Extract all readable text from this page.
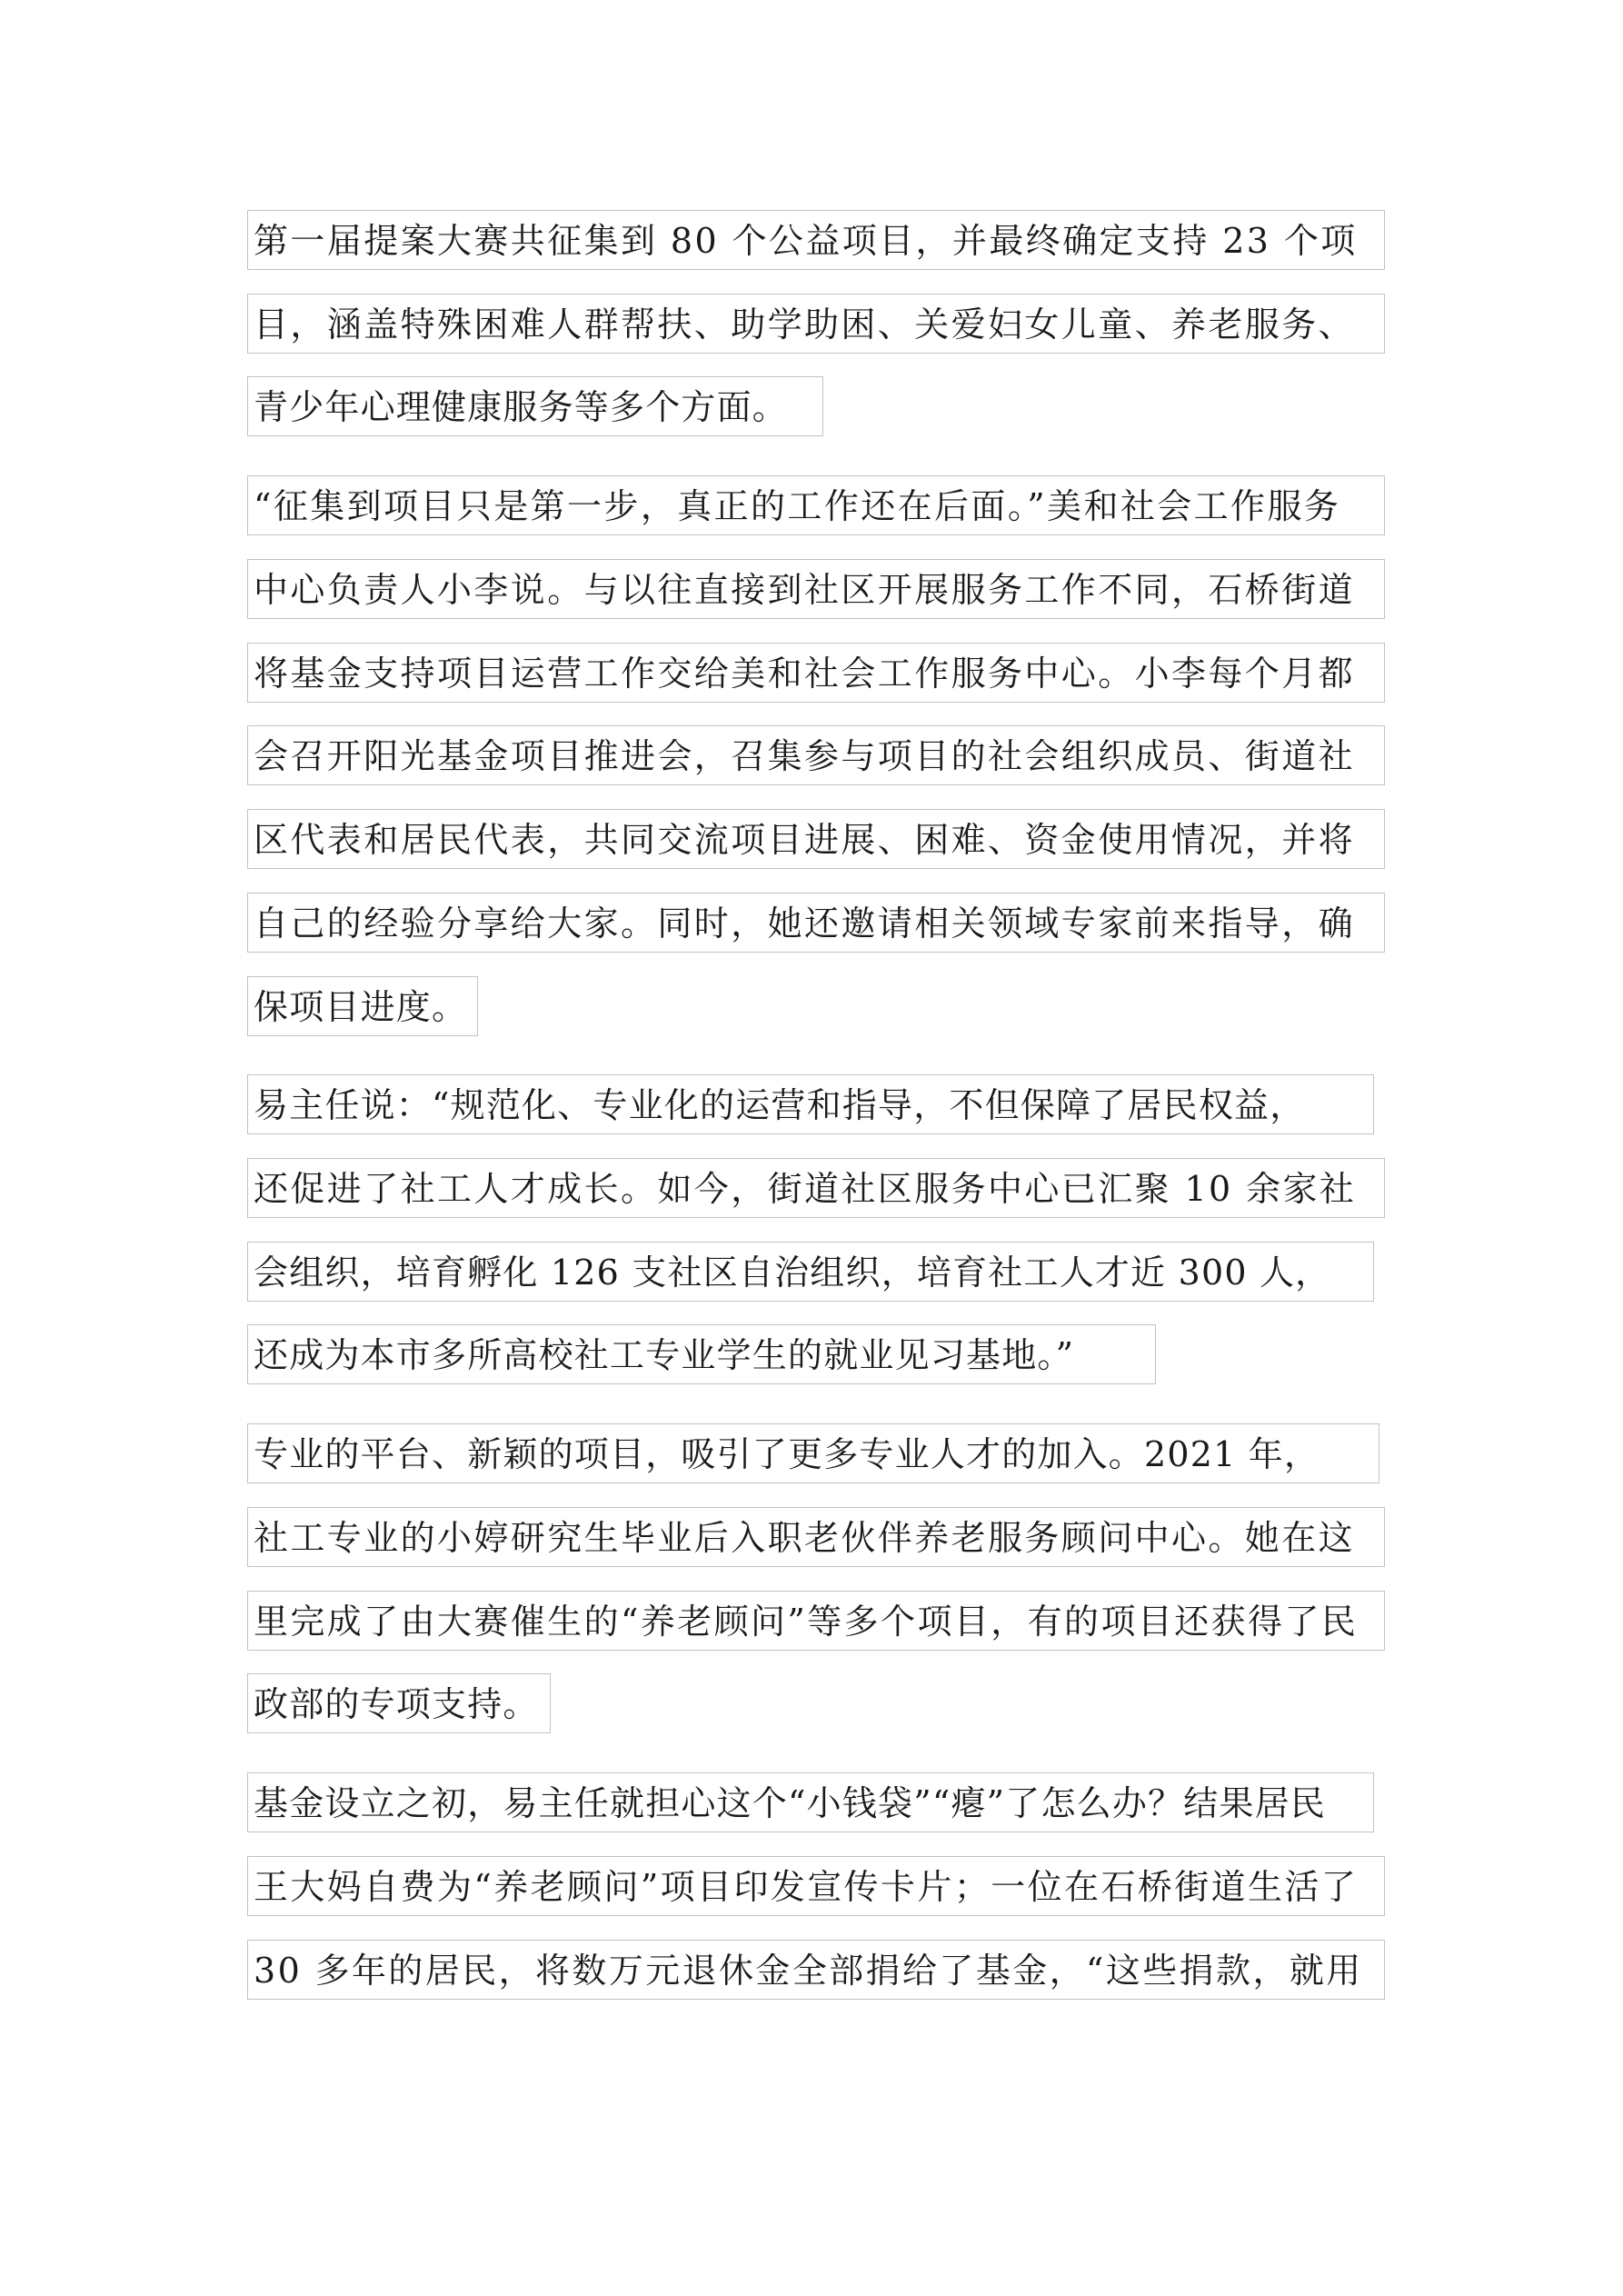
第一届提案大赛共征集到 80 个公益项目，并最终确定支持 23 个项
目，涵盖特殊困难人群帮扶、助学助困、关爱妇女儿童、养老服务、
青少年心理健康服务等多个方面。
“征集到项目只是第一步，真正的工作还在后面。”美和社会工作服务
中心负责人小李说。与以往直接到社区开展服务工作不同，石桥街道
将基金支持项目运营工作交给美和社会工作服务中心。小李每个月都
会召开阳光基金项目推进会，召集参与项目的社会组织成员、街道社
区代表和居民代表，共同交流项目进展、困难、资金使用情况，并将
自己的经验分享给大家。同时，她还邀请相关领域专家前来指导，确
保项目进度。
易主任说：“规范化、专业化的运营和指导，不但保障了居民权益，
还促进了社工人才成长。如今，街道社区服务中心已汇聚 10 余家社
会组织，培育孵化 126 支社区自治组织，培育社工人才近 300 人，
还成为本市多所高校社工专业学生的就业见习基地。”
专业的平台、新颖的项目，吸引了更多专业人才的加入。2021 年，
社工专业的小婷研究生毕业后入职老伙伴养老服务顾问中心。她在这
里完成了由大赛催生的“养老顾问”等多个项目，有的项目还获得了民
政部的专项支持。
基金设立之初，易主任就担心这个“小钱袋”“瘪”了怎么办？结果居民
王大妈自费为“养老顾问”项目印发宣传卡片；一位在石桥街道生活了
30 多年的居民，将数万元退休金全部捐给了基金，“这些捐款，就用
